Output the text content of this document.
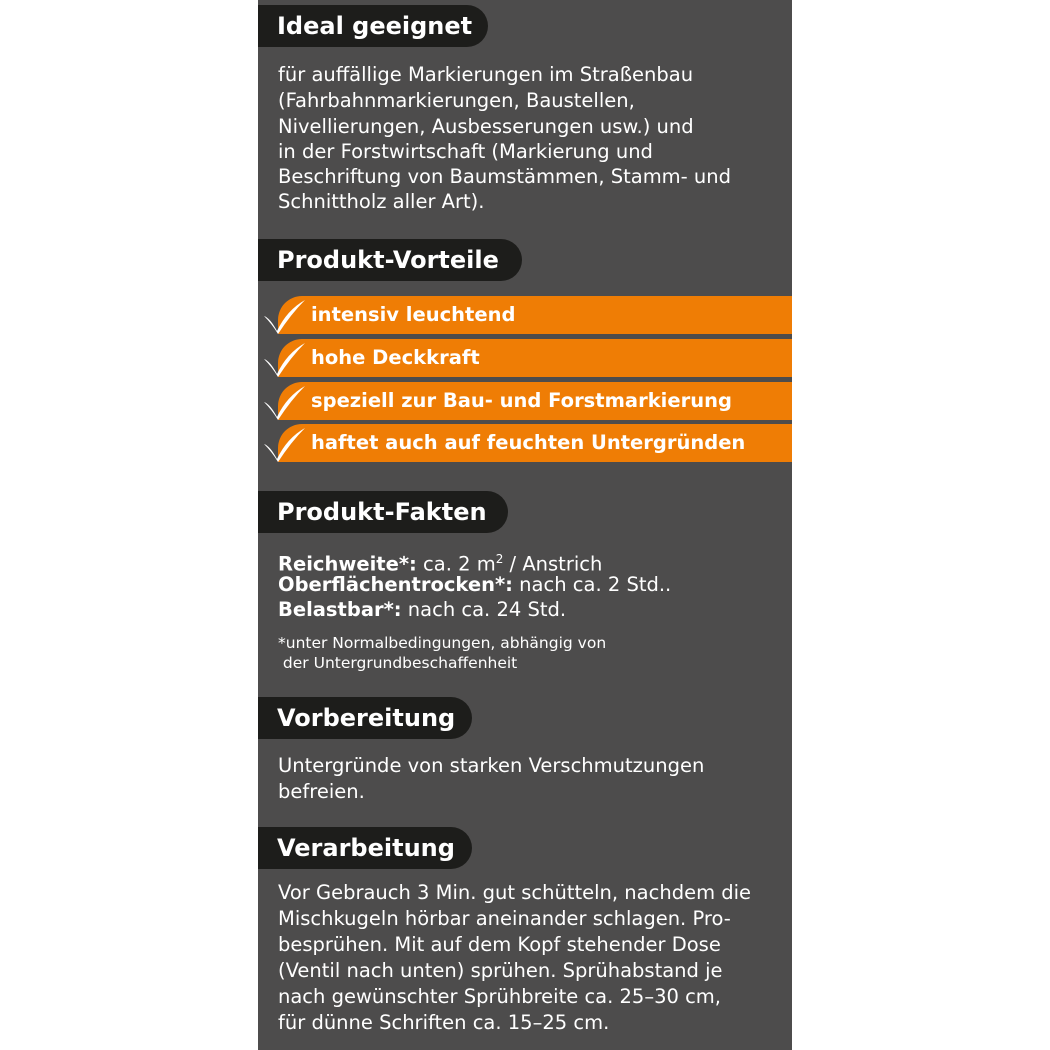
Ideal geeignet
für auffällige Markierungen im Straßenbau
(Fahrbahnmarkierungen, Baustellen,
Nivellierungen, Ausbesserungen usw.) und
in der Forstwirtschaft (Markierung und
Beschriftung von Baumstämmen, Stamm- und
Schnittholz aller Art).
Produkt-Vorteile
intensiv leuchtend
hohe Deckkraft
speziell zur Bau- und Forstmarkierung
haftet auch auf feuchten Untergründen
Produkt-Fakten
Reichweite*: ca. 2 $m^2$ / Anstrich
Oberflächentrocken*: nach ca. 2 Std..
Belastbar*: nach ca. 24 Std.
*unter Normalbedingungen, abhängig von
der Untergrundbeschaffenheit
Vorbereitung
Untergründe von starken Verschmutzungen
befreien.
Verarbeitung
Vor Gebrauch 3 Min. gut schütteln, nachdem die
Mischkugeln hörbar aneinander schlagen. Pro-
besprühen. Mit auf dem Kopf stehender Dose
(Ventil nach unten) sprühen. Sprühabstand je
nach gewünschter Sprühbreite ca. 25–30 cm,
für dünne Schriften ca. 15–25 cm.
